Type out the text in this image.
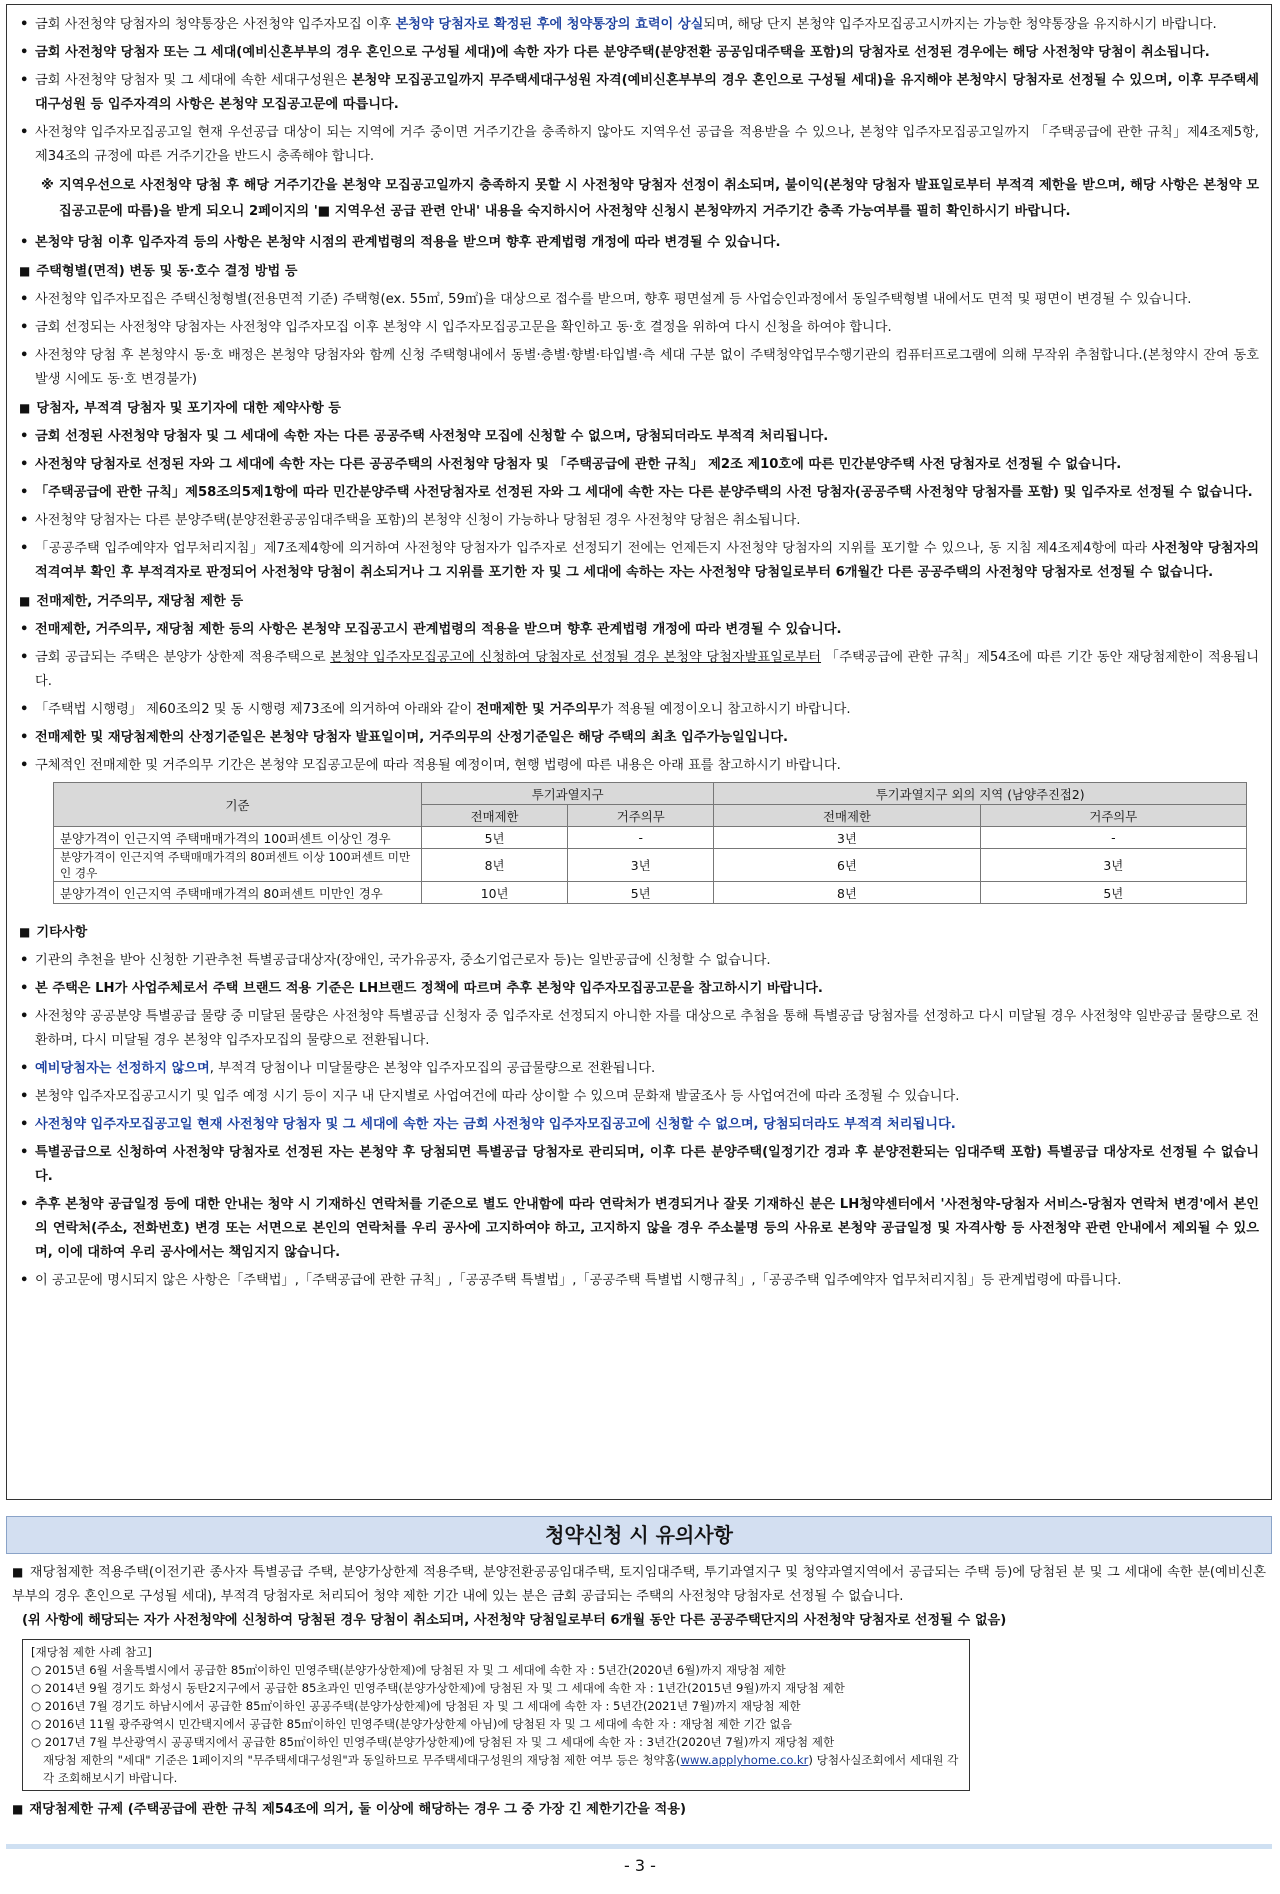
• 금회 사전청약 당첨자의 청약통장은 사전청약 입주자모집 이후 본청약 당첨자로 확정된 후에 청약통장의 효력이 상실되며, 해당 단지 본청약 입주자모집공고시까지는 가능한 청약통장을 유지하시기 바랍니다.
• 금회 사전청약 당첨자 또는 그 세대(예비신혼부부의 경우 혼인으로 구성될 세대)에 속한 자가 다른 분양주택(분양전환 공공임대주택을 포함)의 당첨자로 선정된 경우에는 해당 사전청약 당첨이 취소됩니다.
• 금회 사전청약 당첨자 및 그 세대에 속한 세대구성원은 본청약 모집공고일까지 무주택세대구성원 자격(예비신혼부부의 경우 혼인으로 구성될 세대)을 유지해야 본청약시 당첨자로 선정될 수 있으며, 이후 무주택세대구성원 등 입주자격의 사항은 본청약 모집공고문에 따릅니다.
• 사전청약 입주자모집공고일 현재 우선공급 대상이 되는 지역에 거주 중이면 거주기간을 충족하지 않아도 지역우선 공급을 적용받을 수 있으나, 본청약 입주자모집공고일까지 「주택공급에 관한 규칙」제4조제5항, 제34조의 규정에 따른 거주기간을 반드시 충족해야 합니다.
※ 지역우선으로 사전청약 당첨 후 해당 거주기간을 본청약 모집공고일까지 충족하지 못할 시 사전청약 당첨자 선정이 취소되며, 불이익(본청약 당첨자 발표일로부터 부적격 제한을 받으며, 해당 사항은 본청약 모집공고문에 따름)을 받게 되오니 2페이지의 '■ 지역우선 공급 관련 안내' 내용을 숙지하시어 사전청약 신청시 본청약까지 거주기간 충족 가능여부를 필히 확인하시기 바랍니다.
• 본청약 당첨 이후 입주자격 등의 사항은 본청약 시점의 관계법령의 적용을 받으며 향후 관계법령 개정에 따라 변경될 수 있습니다.
■ 주택형별(면적) 변동 및 동·호수 결정 방법 등
• 사전청약 입주자모집은 주택신청형별(전용면적 기준) 주택형(ex. 55㎡, 59㎡)을 대상으로 접수를 받으며, 향후 평면설계 등 사업승인과정에서 동일주택형별 내에서도 면적 및 평면이 변경될 수 있습니다.
• 금회 선정되는 사전청약 당첨자는 사전청약 입주자모집 이후 본청약 시 입주자모집공고문을 확인하고 동·호 결정을 위하여 다시 신청을 하여야 합니다.
• 사전청약 당첨 후 본청약시 동·호 배정은 본청약 당첨자와 함께 신청 주택형내에서 동별·층별·향별·타입별·측 세대 구분 없이 주택청약업무수행기관의 컴퓨터프로그램에 의해 무작위 추첨합니다.(본청약시 잔여 동호 발생 시에도 동·호 변경불가)
■ 당첨자, 부적격 당첨자 및 포기자에 대한 제약사항 등
• 금회 선정된 사전청약 당첨자 및 그 세대에 속한 자는 다른 공공주택 사전청약 모집에 신청할 수 없으며, 당첨되더라도 부적격 처리됩니다.
• 사전청약 당첨자로 선정된 자와 그 세대에 속한 자는 다른 공공주택의 사전청약 당첨자 및 「주택공급에 관한 규칙」 제2조 제10호에 따른 민간분양주택 사전 당첨자로 선정될 수 없습니다.
• 「주택공급에 관한 규칙」제58조의5제1항에 따라 민간분양주택 사전당첨자로 선정된 자와 그 세대에 속한 자는 다른 분양주택의 사전 당첨자(공공주택 사전청약 당첨자를 포함) 및 입주자로 선정될 수 없습니다.
• 사전청약 당첨자는 다른 분양주택(분양전환공공임대주택을 포함)의 본청약 신청이 가능하나 당첨된 경우 사전청약 당첨은 취소됩니다.
• 「공공주택 입주예약자 업무처리지침」제7조제4항에 의거하여 사전청약 당첨자가 입주자로 선정되기 전에는 언제든지 사전청약 당첨자의 지위를 포기할 수 있으나, 동 지침 제4조제4항에 따라 사전청약 당첨자의 적격여부 확인 후 부적격자로 판정되어 사전청약 당첨이 취소되거나 그 지위를 포기한 자 및 그 세대에 속하는 자는 사전청약 당첨일로부터 6개월간 다른 공공주택의 사전청약 당첨자로 선정될 수 없습니다.
■ 전매제한, 거주의무, 재당첨 제한 등
• 전매제한, 거주의무, 재당첨 제한 등의 사항은 본청약 모집공고시 관계법령의 적용을 받으며 향후 관계법령 개정에 따라 변경될 수 있습니다.
• 금회 공급되는 주택은 분양가 상한제 적용주택으로 본청약 입주자모집공고에 신청하여 당첨자로 선정될 경우 본청약 당첨자발표일로부터 「주택공급에 관한 규칙」제54조에 따른 기간 동안 재당첨제한이 적용됩니다.
• 「주택법 시행령」 제60조의2 및 동 시행령 제73조에 의거하여 아래와 같이 전매제한 및 거주의무가 적용될 예정이오니 참고하시기 바랍니다.
• 전매제한 및 재당첨제한의 산정기준일은 본청약 당첨자 발표일이며, 거주의무의 산정기준일은 해당 주택의 최초 입주가능일입니다.
• 구체적인 전매제한 및 거주의무 기간은 본청약 모집공고문에 따라 적용될 예정이며, 현행 법령에 따른 내용은 아래 표를 참고하시기 바랍니다.
기준	투기과열지구		투기과열지구 외의 지역 (남양주진접2)	
	전매제한	거주의무	전매제한	거주의무
분양가격이 인근지역 주택매매가격의 100퍼센트 이상인 경우	5년	-	3년	-
분양가격이 인근지역 주택매매가격의 80퍼센트 이상 100퍼센트 미만인 경우	8년	3년	6년	3년
분양가격이 인근지역 주택매매가격의 80퍼센트 미만인 경우	10년	5년	8년	5년
■ 기타사항
• 기관의 추천을 받아 신청한 기관추천 특별공급대상자(장애인, 국가유공자, 중소기업근로자 등)는 일반공급에 신청할 수 없습니다.
• 본 주택은 LH가 사업주체로서 주택 브랜드 적용 기준은 LH브랜드 정책에 따르며 추후 본청약 입주자모집공고문을 참고하시기 바랍니다.
• 사전청약 공공분양 특별공급 물량 중 미달된 물량은 사전청약 특별공급 신청자 중 입주자로 선정되지 아니한 자를 대상으로 추첨을 통해 특별공급 당첨자를 선정하고 다시 미달될 경우 사전청약 일반공급 물량으로 전환하며, 다시 미달될 경우 본청약 입주자모집의 물량으로 전환됩니다.
• 예비당첨자는 선정하지 않으며, 부적격 당첨이나 미달물량은 본청약 입주자모집의 공급물량으로 전환됩니다.
• 본청약 입주자모집공고시기 및 입주 예정 시기 등이 지구 내 단지별로 사업여건에 따라 상이할 수 있으며 문화재 발굴조사 등 사업여건에 따라 조정될 수 있습니다.
• 사전청약 입주자모집공고일 현재 사전청약 당첨자 및 그 세대에 속한 자는 금회 사전청약 입주자모집공고에 신청할 수 없으며, 당첨되더라도 부적격 처리됩니다.
• 특별공급으로 신청하여 사전청약 당첨자로 선정된 자는 본청약 후 당첨되면 특별공급 당첨자로 관리되며, 이후 다른 분양주택(일정기간 경과 후 분양전환되는 임대주택 포함) 특별공급 대상자로 선정될 수 없습니다.
• 추후 본청약 공급일정 등에 대한 안내는 청약 시 기재하신 연락처를 기준으로 별도 안내함에 따라 연락처가 변경되거나 잘못 기재하신 분은 LH청약센터에서 '사전청약-당첨자 서비스-당첨자 연락처 변경'에서 본인의 연락처(주소, 전화번호) 변경 또는 서면으로 본인의 연락처를 우리 공사에 고지하여야 하고, 고지하지 않을 경우 주소불명 등의 사유로 본청약 공급일정 및 자격사항 등 사전청약 관련 안내에서 제외될 수 있으며, 이에 대하여 우리 공사에서는 책임지지 않습니다.
• 이 공고문에 명시되지 않은 사항은「주택법」,「주택공급에 관한 규칙」,「공공주택 특별법」,「공공주택 특별법 시행규칙」,「공공주택 입주예약자 업무처리지침」등 관계법령에 따릅니다.
청약신청 시 유의사항

■ 재당첨제한 적용주택(이전기관 종사자 특별공급 주택, 분양가상한제 적용주택, 분양전환공공임대주택, 토지임대주택, 투기과열지구 및 청약과열지역에서 공급되는 주택 등)에 당첨된 분 및 그 세대에 속한 분(예비신혼부부의 경우 혼인으로 구성될 세대), 부적격 당첨자로 처리되어 청약 제한 기간 내에 있는 분은 금회 공급되는 주택의 사전청약 당첨자로 선정될 수 없습니다.

(위 사항에 해당되는 자가 사전청약에 신청하여 당첨된 경우 당첨이 취소되며, 사전청약 당첨일로부터 6개월 동안 다른 공공주택단지의 사전청약 당첨자로 선정될 수 없음)

[재당첨 제한 사례 참고]
○ 2015년 6월 서울특별시에서 공급한 85㎡이하인 민영주택(분양가상한제)에 당첨된 자 및 그 세대에 속한 자 : 5년간(2020년 6월)까지 재당첨 제한
○ 2014년 9월 경기도 화성시 동탄2지구에서 공급한 85초과인 민영주택(분양가상한제)에 당첨된 자 및 그 세대에 속한 자 : 1년간(2015년 9월)까지 재당첨 제한
○ 2016년 7월 경기도 하남시에서 공급한 85㎡이하인 공공주택(분양가상한제)에 당첨된 자 및 그 세대에 속한 자 : 5년간(2021년 7월)까지 재당첨 제한
○ 2016년 11월 광주광역시 민간택지에서 공급한 85㎡이하인 민영주택(분양가상한제 아님)에 당첨된 자 및 그 세대에 속한 자 : 재당첨 제한 기간 없음
○ 2017년 7월 부산광역시 공공택지에서 공급한 85㎡이하인 민영주택(분양가상한제)에 당첨된 자 및 그 세대에 속한 자 : 3년간(2020년 7월)까지 재당첨 제한
재당첨 제한의 "세대" 기준은 1페이지의 "무주택세대구성원"과 동일하므로 무주택세대구성원의 재당첨 제한 여부 등은 청약홈(www.applyhome.co.kr) 당첨사실조회에서 세대원 각각 조회해보시기 바랍니다.

■ 재당첨제한 규제 (주택공급에 관한 규칙 제54조에 의거, 둘 이상에 해당하는 경우 그 중 가장 긴 제한기간을 적용)

- 3 -
